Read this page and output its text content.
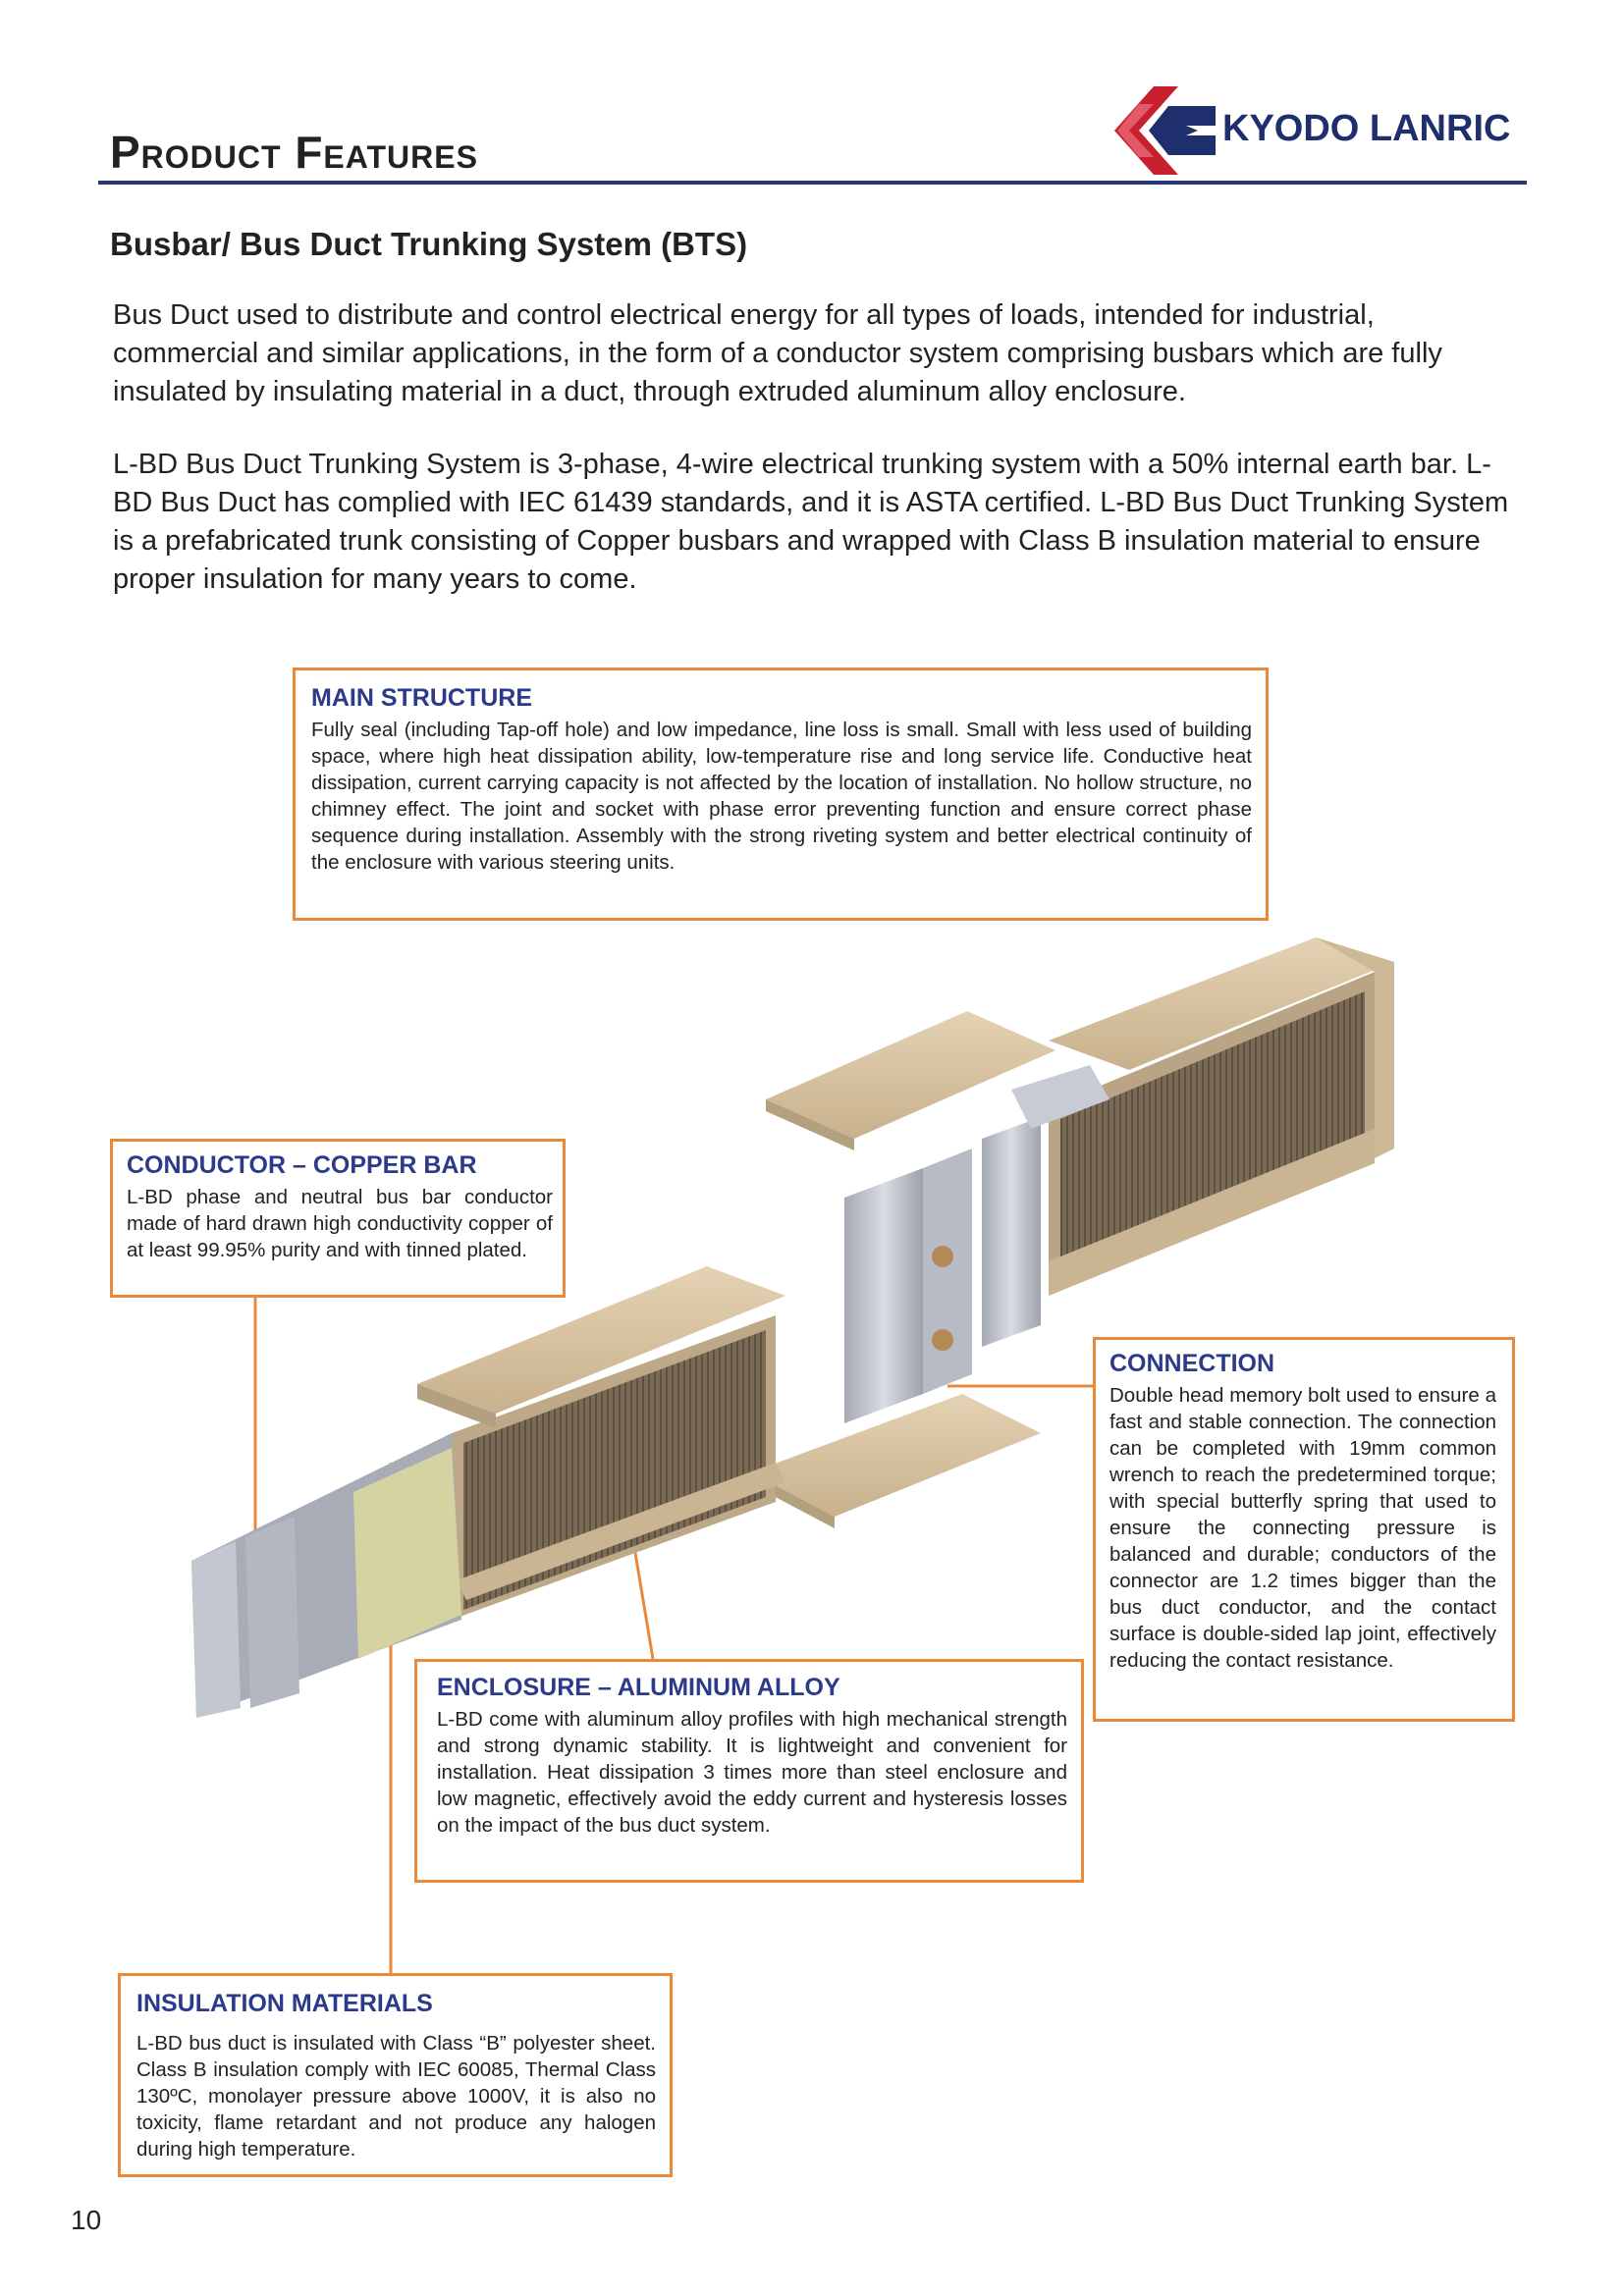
Product Features	KYODO LANRIC
Busbar/ Bus Duct Trunking System (BTS)
Bus Duct used to distribute and control electrical energy for all types of loads, intended for industrial, commercial and similar applications, in the form of a conductor system comprising busbars which are fully insulated by insulating material in a duct, through extruded aluminum alloy enclosure.
L-BD Bus Duct Trunking System is 3-phase, 4-wire electrical trunking system with a 50% internal earth bar. L-BD Bus Duct has complied with IEC 61439 standards, and it is ASTA certified. L-BD Bus Duct Trunking System is a prefabricated trunk consisting of Copper busbars and wrapped with Class B insulation material to ensure proper insulation for many years to come.
MAIN STRUCTURE
Fully seal (including Tap-off hole) and low impedance, line loss is small. Small with less used of building space, where high heat dissipation ability, low-temperature rise and long service life. Conductive heat dissipation, current carrying capacity is not affected by the location of installation. No hollow structure, no chimney effect. The joint and socket with phase error preventing function and ensure correct phase sequence during installation. Assembly with the strong riveting system and better electrical continuity of the enclosure with various steering units.
CONDUCTOR – COPPER BAR
L-BD phase and neutral bus bar conductor made of hard drawn high conductivity copper of at least 99.95% purity and with tinned plated.
CONNECTION
Double head memory bolt used to ensure a fast and stable connection. The connection can be completed with 19mm common wrench to reach the predetermined torque; with special butterfly spring that used to ensure the connecting pressure is balanced and durable; conductors of the connector are 1.2 times bigger than the bus duct conductor, and the contact surface is double-sided lap joint, effectively reducing the contact resistance.
ENCLOSURE – ALUMINUM ALLOY
L-BD come with aluminum alloy profiles with high mechanical strength and strong dynamic stability. It is lightweight and convenient for installation. Heat dissipation 3 times more than steel enclosure and low magnetic, effectively avoid the eddy current and hysteresis losses on the impact of the bus duct system.
INSULATION MATERIALS
L-BD bus duct is insulated with Class “B” polyester sheet. Class B insulation comply with IEC 60085, Thermal Class 130ºC, monolayer pressure above 1000V, it is also no toxicity, flame retardant and not produce any halogen during high temperature.
10
